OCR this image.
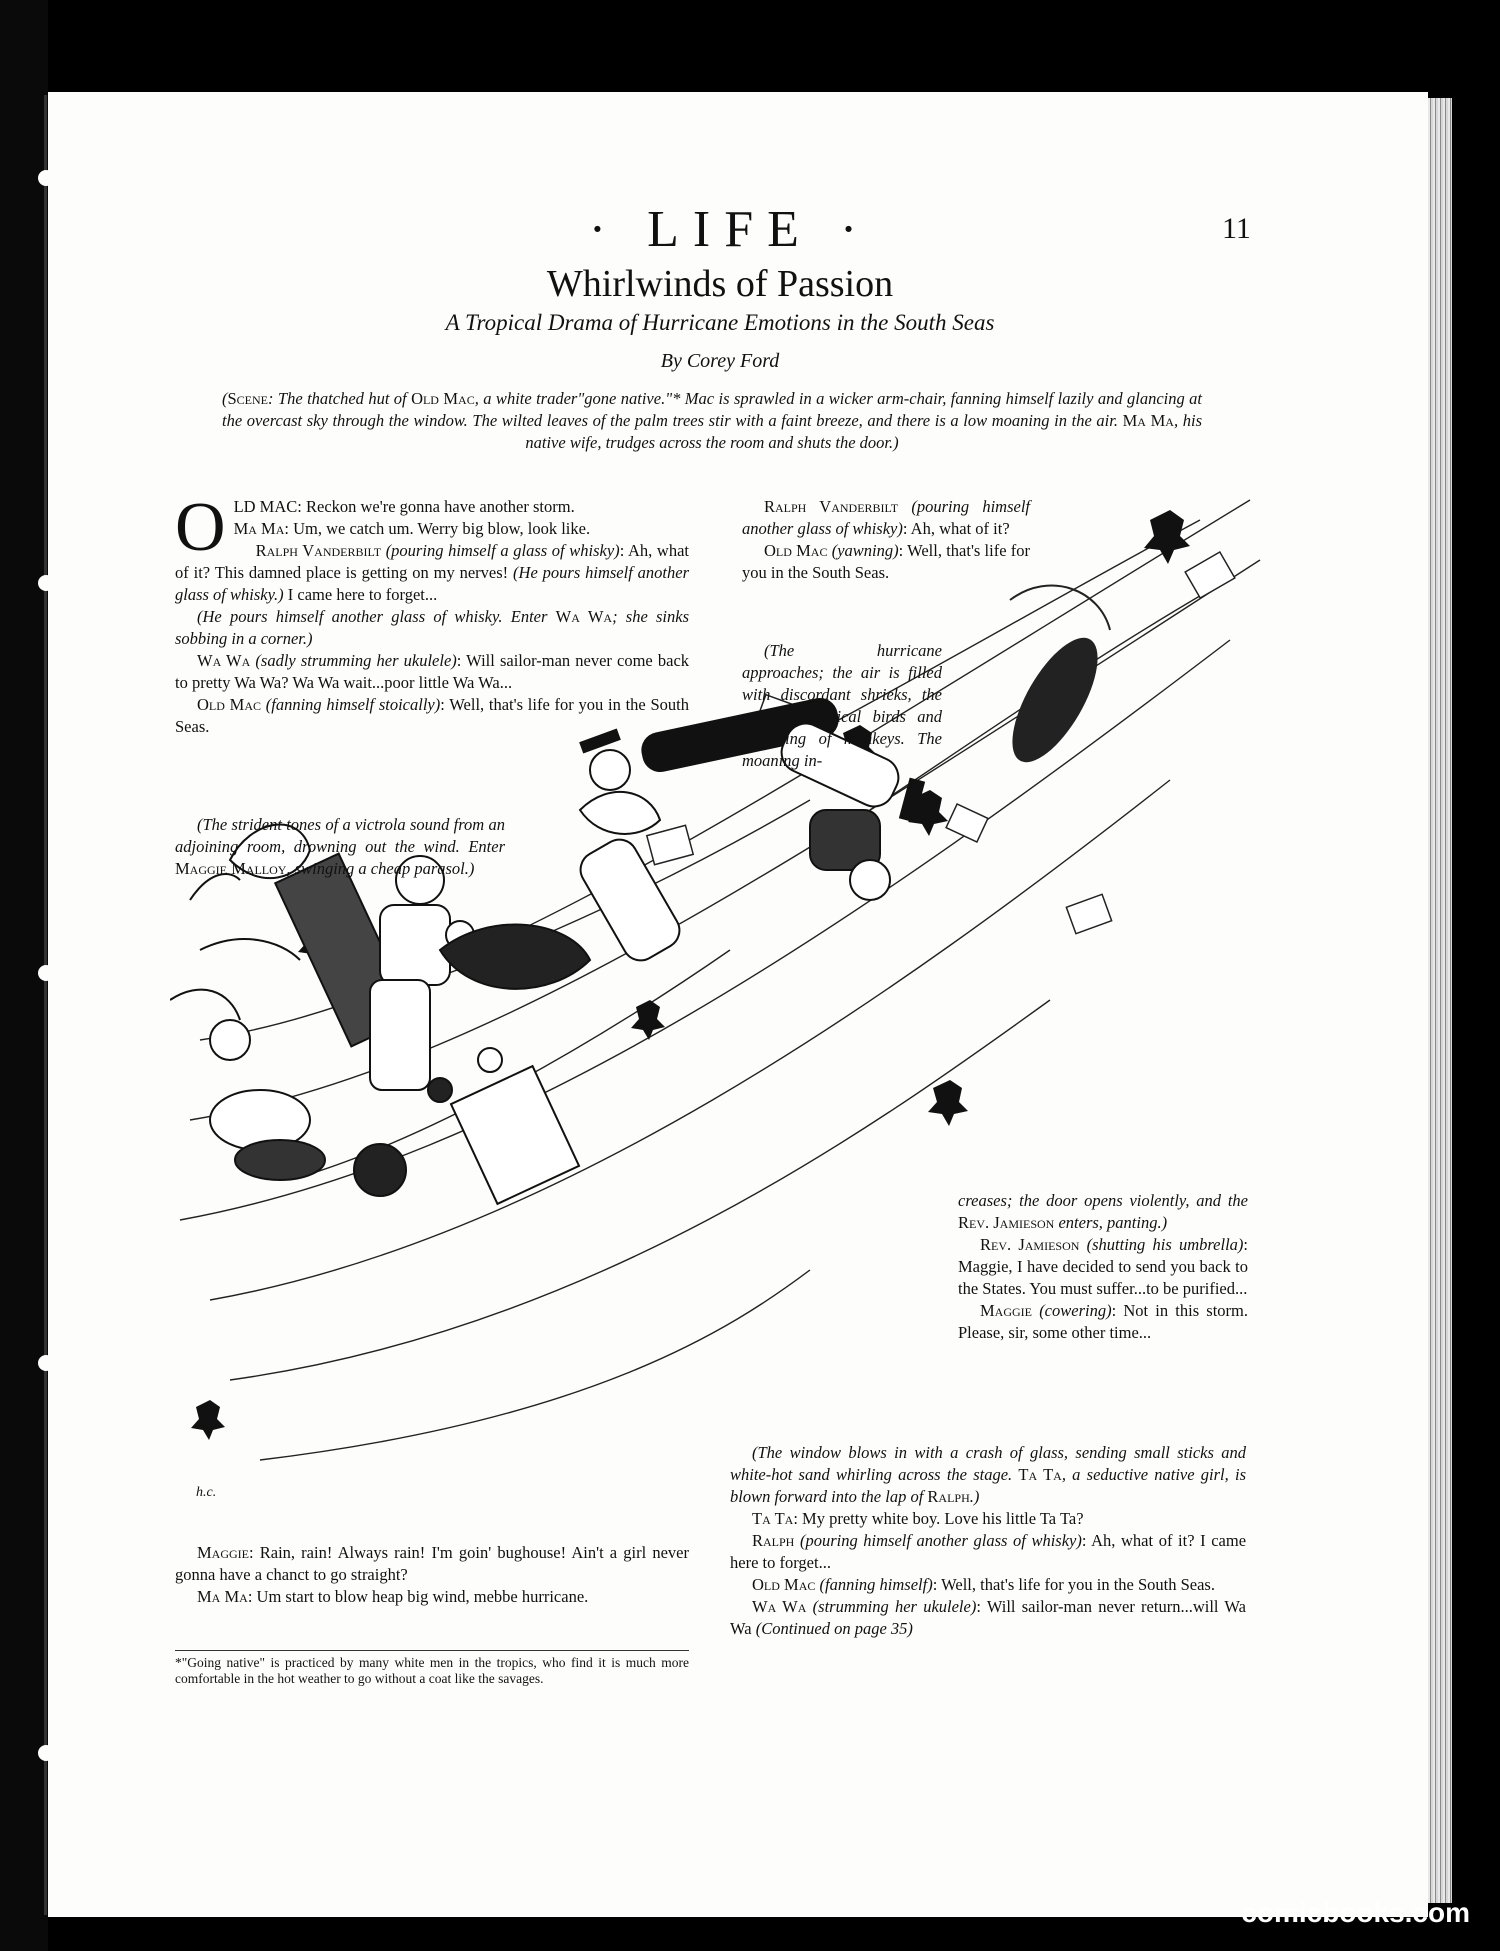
· LIFE ·	11
Whirlwinds of Passion
A Tropical Drama of Hurricane Emotions in the South Seas
By Corey Ford
(Scene: The thatched hut of Old Mac, a white trader"gone native."* Mac is sprawled in a wicker arm-chair, fanning himself lazily and glancing at the overcast sky through the window. The wilted leaves of the palm trees stir with a faint breeze, and there is a low moaning in the air. Ma Ma, his native wife, trudges across the room and shuts the door.)

OLD MAC: Reckon we're gonna have another storm.

Ma Ma: Um, we catch um. Werry big blow, look like.

Ralph Vanderbilt (pouring himself a glass of whisky): Ah, what of it? This damned place is getting on my nerves! (He pours himself another glass of whisky.) I came here to forget...

(He pours himself another glass of whisky. Enter Wa Wa; she sinks sobbing in a corner.)

Wa Wa (sadly strumming her ukulele): Will sailor-man never come back to pretty Wa Wa? Wa Wa wait...poor little Wa Wa...

Old Mac (fanning himself stoically): Well, that's life for you in the South Seas.

(The strident tones of a victrola sound from an adjoining room, drowning out the wind. Enter Maggie Malloy, swinging a cheap parasol.)

Ralph Vanderbilt (pouring himself another glass of whisky): Ah, what of it?

Old Mac (yawning): Well, that's life for you in the South Seas.

(The hurricane approaches; the air is filled with discordant shrieks, the cries of tropical birds and jabbering of monkeys. The moaning in-

creases; the door opens violently, and the Rev. Jamieson enters, panting.)

Rev. Jamieson (shutting his umbrella): Maggie, I have decided to send you back to the States. You must suffer...to be purified...

Maggie (cowering): Not in this storm. Please, sir, some other time...

(The window blows in with a crash of glass, sending small sticks and white-hot sand whirling across the stage. Ta Ta, a seductive native girl, is blown forward into the lap of Ralph.)

Ta Ta: My pretty white boy. Love his little Ta Ta?

Ralph (pouring himself another glass of whisky): Ah, what of it? I came here to forget...

Old Mac (fanning himself): Well, that's life for you in the South Seas.

Wa Wa (strumming her ukulele): Will sailor-man never return...will Wa Wa (Continued on page 35)

Maggie: Rain, rain! Always rain! I'm goin' bughouse! Ain't a girl never gonna have a chanct to go straight?

Ma Ma: Um start to blow heap big wind, mebbe hurricane.

*"Going native" is practiced by many white men in the tropics, who find it is much more comfortable in the hot weather to go without a coat like the savages.
h.c.
comicbooks.com
